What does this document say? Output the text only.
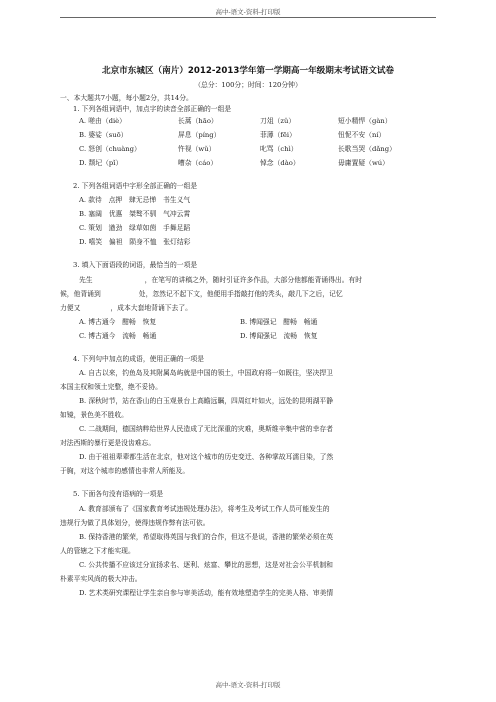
高中-语文-资料-打印版
北京市东城区（南片）2012-2013学年第一学期高一年级期末考试语文试卷
（总分：100分；时间：120分钟）
一、本大题共7小题，每小题2分，共14分。
1. 下列各组词语中，加点字的读音全部正确的一组是
A. 嗟由（diè）	长蒿（hāo）	刀俎（zǔ）	短小精悍（gàn）
B. 婆娑（suō）	屏息（píng）	菲薄（fēi）	忸怩不安（ní）
C. 怒创（chuàng）	忤视（wǔ）	叱骂（chì）	长歌当哭（dǎng）
D. 颓圮（pǐ）	嘈杂（cáo）	悼念（dào）	毋庸置疑（wú）
2. 下列各组词语中字形全部正确的一组是
A. 款待　点押　肆无忌惮　书生义气
B. 塞阔　优惠　桀骜不驯　气冲云霄
C. 策划　遒劲　绿草如茵　手舞足蹈
D. 嘻笑　偏袒　陨身不恤　张灯结彩
3. 填入下面语段的词语，最恰当的一项是
先生	，在笔写的讲稿之外，随时引证许多作品，大部分他都能背诵得出。有时
候，他背诵到	处，忽然记不起下文，他便用手指敲打他的秃头，敲几下之后，记忆
力便又	，成本大套地背诵下去了。
A. 博古通今　酣畅　恢复	B. 博闻强记　酣畅　畅通
C. 博古通今　流畅　畅通	D. 博闻强记　流畅　恢复
4. 下列句中加点的成语，使用正确的一项是
A. 自古以来，钓鱼岛及其附属岛屿就是中国的领土，中国政府将一如既往，坚决捍卫
本国主权和领土完整，绝不妥协。
B. 深秋时节，站在香山的白玉观景台上高瞻远瞩，四周红叶如火，远处的昆明湖平静
如镜，景色美不胜收。
C. 二战期间，德国纳粹给世界人民造成了无比深重的灾难，奥斯维辛集中营的幸存者
对法西斯的暴行更是没齿难忘。
D. 由于祖祖辈辈都生活在北京，他对这个城市的历史变迁、各种掌故耳濡目染，了然
于胸，对这个城市的感情也非常人所能及。
5. 下面各句没有语病的一项是
A. 教育部颁布了《国家教育考试违规处理办法》，将考生及考试工作人员可能发生的
违规行为做了具体划分，使得违规作弊有法可依。
B. 保持香港的繁荣，希望取得英国与我们的合作，但这不是说，香港的繁荣必须在英
人的管辖之下才能实现。
C. 公共传播不应该过分宣扬求名、逐利、炫富、攀比的思想，这是对社会公平机制和
朴素平实风尚的极大冲击。
D. 艺术类研究课程让学生亲自参与审美活动，能有效地塑造学生的完美人格、审美情
高中-语文-资料-打印版
